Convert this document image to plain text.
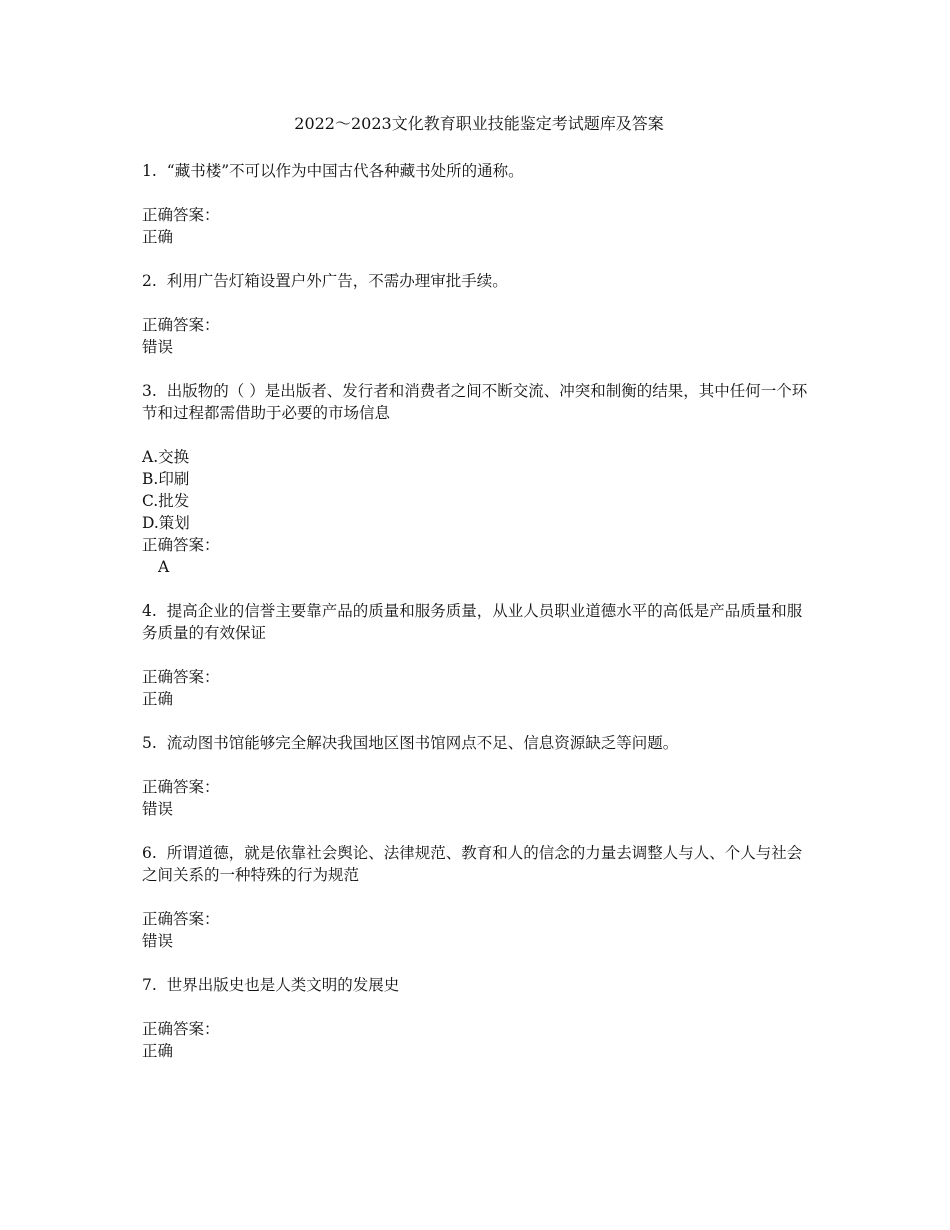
2022～2023文化教育职业技能鉴定考试题库及答案
1. “藏书楼”不可以作为中国古代各种藏书处所的通称。
正确答案：
正确
2. 利用广告灯箱设置户外广告，不需办理审批手续。
正确答案：
错误
3. 出版物的（ ）是出版者、发行者和消费者之间不断交流、冲突和制衡的结果，其中任何一个环节和过程都需借助于必要的市场信息
A.交换
B.印刷
C.批发
D.策划
正确答案：
A
4. 提高企业的信誉主要靠产品的质量和服务质量，从业人员职业道德水平的高低是产品质量和服务质量的有效保证
正确答案：
正确
5. 流动图书馆能够完全解决我国地区图书馆网点不足、信息资源缺乏等问题。
正确答案：
错误
6. 所谓道德，就是依靠社会舆论、法律规范、教育和人的信念的力量去调整人与人、个人与社会之间关系的一种特殊的行为规范
正确答案：
错误
7. 世界出版史也是人类文明的发展史
正确答案：
正确
